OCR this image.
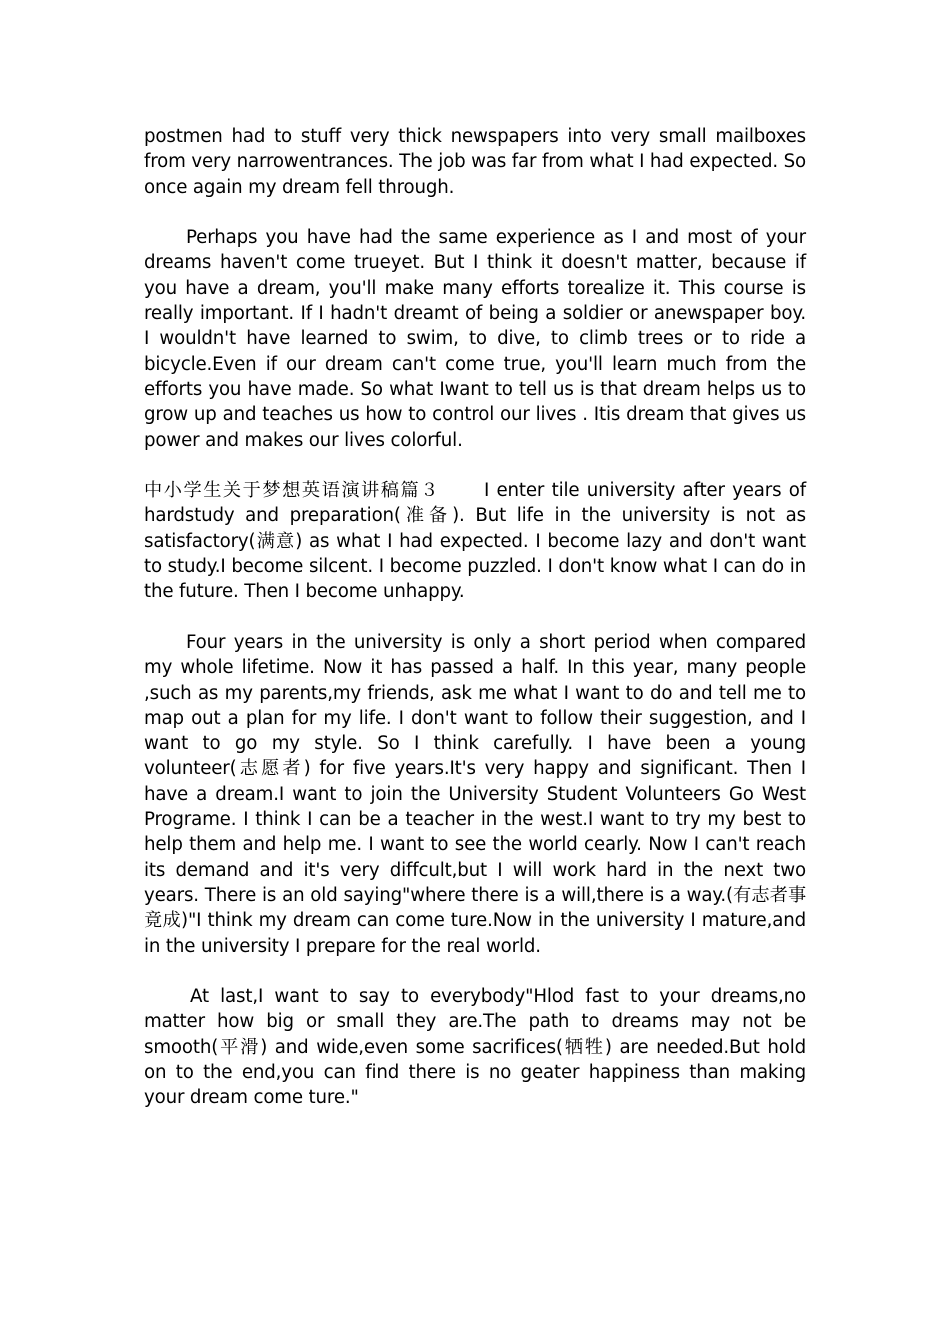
postmen had to stuff very thick newspapers into very small mailboxes from very narrowentrances. The job was far from what I had expected. So once again my dream fell through.

Perhaps you have had the same experience as I and most of your dreams haven't come trueyet. But I think it doesn't matter, because if you have a dream, you'll make many efforts torealize it. This course is really important. If I hadn't dreamt of being a soldier or anewspaper boy. I wouldn't have learned to swim, to dive, to climb trees or to ride a bicycle.Even if our dream can't come true, you'll learn much from the efforts you have made. So what Iwant to tell us is that dream helps us to grow up and teaches us how to control our lives . Itis dream that gives us power and makes our lives colorful.

中小学生关于梦想英语演讲稿篇３ I enter tile university after years of hardstudy and preparation(准备). But life in the university is not as satisfactory(满意) as what I had expected. I become lazy and don't want to study.I become silcent. I become puzzled. I don't know what I can do in the future. Then I become unhappy.

Four years in the university is only a short period when compared my whole lifetime. Now it has passed a half. In this year, many people ,such as my parents,my friends, ask me what I want to do and tell me to map out a plan for my life. I don't want to follow their suggestion, and I want to go my style. So I think carefully. I have been a young volunteer(志愿者) for five years.It's very happy and significant. Then I have a dream.I want to join the University Student Volunteers Go West Programe. I think I can be a teacher in the west.I want to try my best to help them and help me. I want to see the world cearly. Now I can't reach its demand and it's very diffcult,but I will work hard in the next two years. There is an old saying"where there is a will,there is a way.(有志者事竟成)"I think my dream can come ture.Now in the university I mature,and in the university I prepare for the real world.

At last,I want to say to everybody"Hlod fast to your dreams,no matter how big or small they are.The path to dreams may not be smooth(平滑) and wide,even some sacrifices(牺牲) are needed.But hold on to the end,you can find there is no geater happiness than making your dream come ture."
